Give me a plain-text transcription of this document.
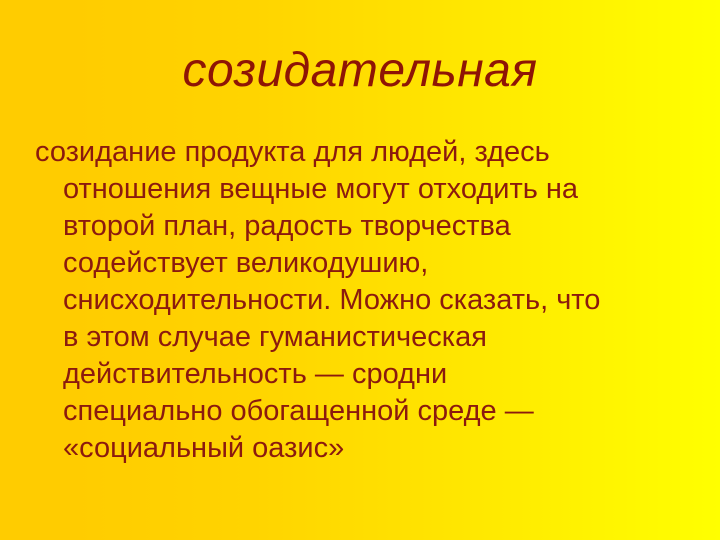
созидательная
созидание продукта для людей, здесь
отношения вещные могут отходить на
второй план, радость творчества
содействует великодушию,
снисходительности. Можно сказать, что
в этом случае гуманистическая
действительность — сродни
специально обогащенной среде —
«социальный оазис»
